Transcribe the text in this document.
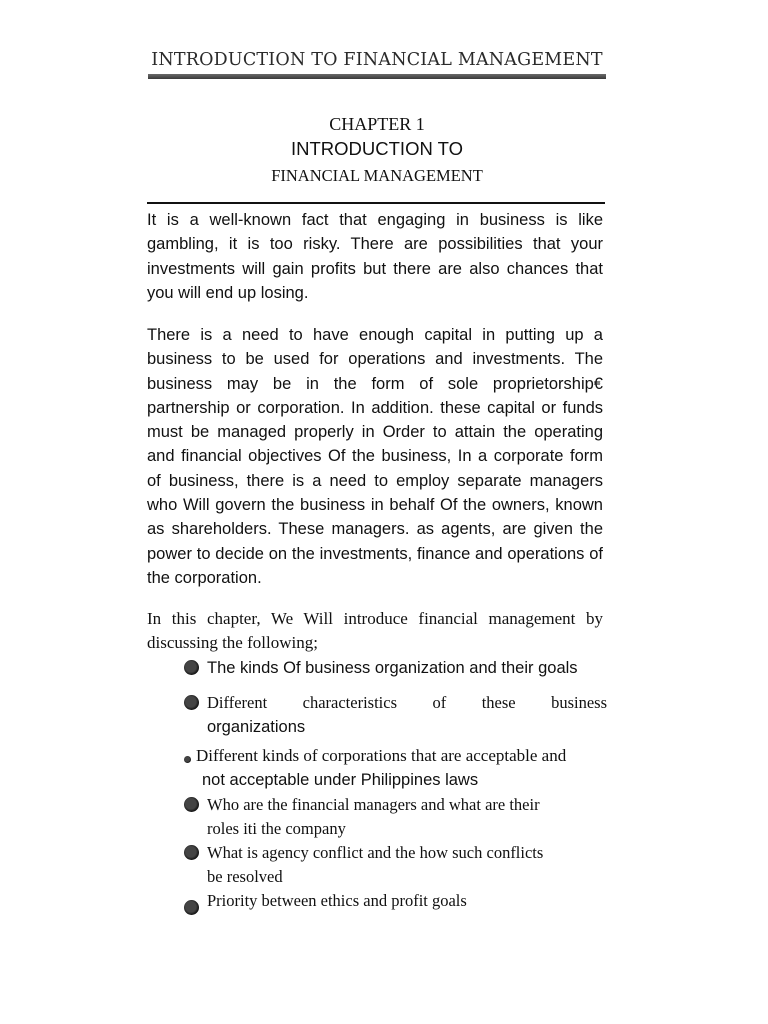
INTRODUCTION TO FINANCIAL MANAGEMENT
CHAPTER 1
INTRODUCTION TO
FINANCIAL MANAGEMENT

It is a well-known fact that engaging in business is like gambling, it is too risky. There are possibilities that your investments will gain profits but there are also chances that you will end up losing.

There is a need to have enough capital in putting up a business to be used for operations and investments. The business may be in the form of sole proprietorship€ partnership or corporation. In addition. these capital or funds must be managed properly in Order to attain the operating and financial objectives Of the business, In a corporate form of business, there is a need to employ separate managers who Will govern the business in behalf Of the owners, known as shareholders. These managers. as agents, are given the power to decide on the investments, finance and operations of the corporation.

In this chapter, We Will introduce financial management by discussing the following;

The kinds Of business organization and their goals

Different characteristics of these business
organizations
Different kinds of corporations that are acceptable and
not acceptable under Philippines laws
Who are the financial managers and what are their
roles iti the company
What is agency conflict and the how such conflicts
be resolved

Priority between ethics and profit goals
